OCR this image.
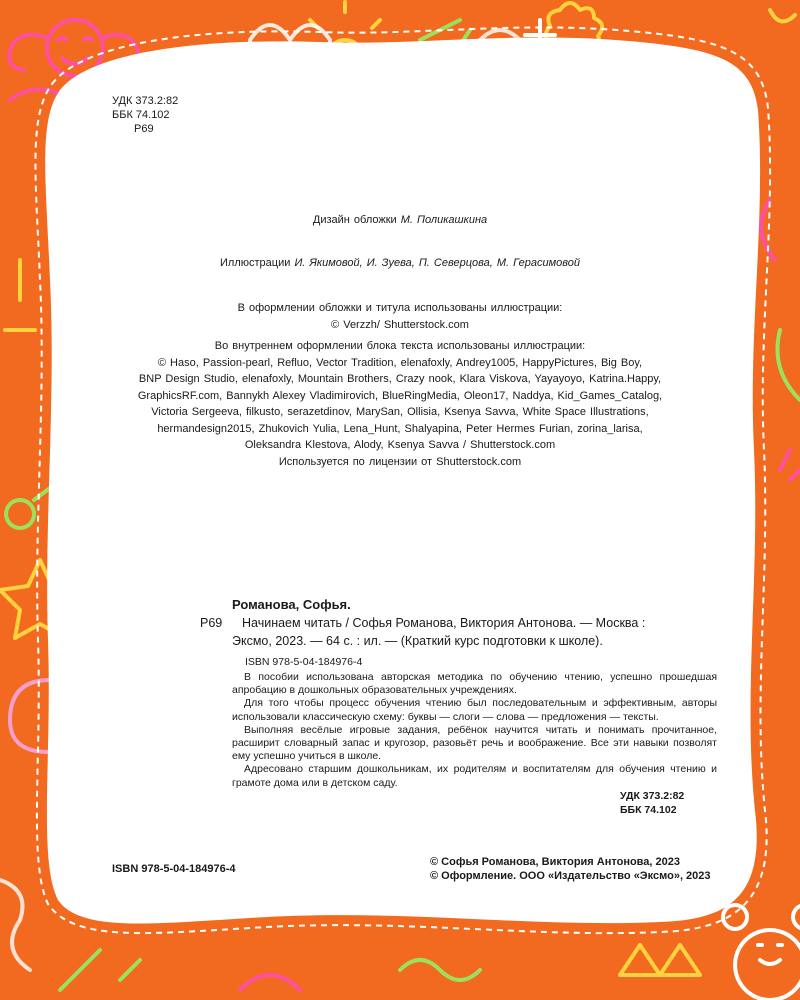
УДК 373.2:82
ББК 74.102
Р69
Дизайн обложки М. Поликашкина
Иллюстрации И. Якимовой, И. Зуева, П. Северцова, М. Герасимовой
В оформлении обложки и титула использованы иллюстрации:
© Verzzh/ Shutterstock.com
Во внутреннем оформлении блока текста использованы иллюстрации:
© Haso, Passion-pearl, Refluo, Vector Tradition, elenafoxly, Andrey1005, HappyPictures, Big Boy,
BNP Design Studio, elenafoxly, Mountain Brothers, Crazy nook, Klara Viskova, Yayayoyo, Katrina.Happy,
GraphicsRF.com, Bannykh Alexey Vladimirovich, BlueRingMedia, Oleon17, Naddya, Kid_Games_Catalog,
Victoria Sergeeva, filkusto, serazetdinov, MarySan, Ollisia, Ksenya Savva, White Space Illustrations,
hermandesign2015, Zhukovich Yulia, Lena_Hunt, Shalyapina, Peter Hermes Furian, zorina_larisa,
Oleksandra Klestova, Alody, Ksenya Savva / Shutterstock.com
Используется по лицензии от Shutterstock.com
Романова, Софья.
Р69	Начинаем читать / Софья Романова, Виктория Антонова. — Москва :
Эксмо, 2023. — 64 с. : ил. — (Краткий курс подготовки к школе).
ISBN 978-5-04-184976-4
В пособии использована авторская методика по обучению чтению, успешно прошедшая апробацию в дошкольных образовательных учреждениях.
Для того чтобы процесс обучения чтению был последовательным и эффективным, авторы использовали классическую схему: буквы — слоги — слова — предложения — тексты.
Выполняя весёлые игровые задания, ребёнок научится читать и понимать прочитанное, расширит словарный запас и кругозор, разовьёт речь и воображение. Все эти навыки позволят ему успешно учиться в школе.
Адресовано старшим дошкольникам, их родителям и воспитателям для обучения чтению и грамоте дома или в детском саду.
УДК 373.2:82
ББК 74.102
ISBN 978-5-04-184976-4
© Софья Романова, Виктория Антонова, 2023
© Оформление. ООО «Издательство «Эксмо», 2023
